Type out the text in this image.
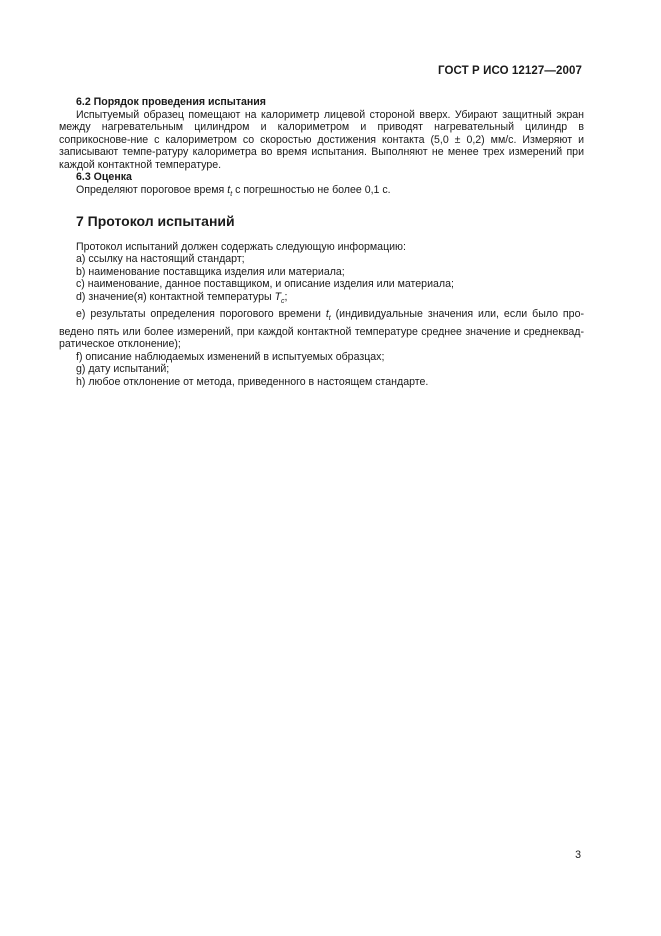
ГОСТ Р ИСО 12127—2007
6.2 Порядок проведения испытания
Испытуемый образец помещают на калориметр лицевой стороной вверх. Убирают защитный экран между нагревательным цилиндром и калориметром и приводят нагревательный цилиндр в соприкоснове-ние с калориметром со скоростью достижения контакта (5,0 ± 0,2) мм/с. Измеряют и записывают темпе-ратуру калориметра во время испытания. Выполняют не менее трех измерений при каждой контактной температуре.
6.3 Оценка
Определяют пороговое время $t_t$ с погрешностью не более 0,1 с.
7 Протокол испытаний
Протокол испытаний должен содержать следующую информацию:
a) ссылку на настоящий стандарт;
b) наименование поставщика изделия или материала;
c) наименование, данное поставщиком, и описание изделия или материала;
d) значение(я) контактной температуры $T_c$;
e) результаты определения порогового времени $t_t$ (индивидуальные значения или, если было про-ведено пять или более измерений, при каждой контактной температуре среднее значение и среднеквад-ратическое отклонение);
f) описание наблюдаемых изменений в испытуемых образцах;
g) дату испытаний;
h) любое отклонение от метода, приведенного в настоящем стандарте.
3
